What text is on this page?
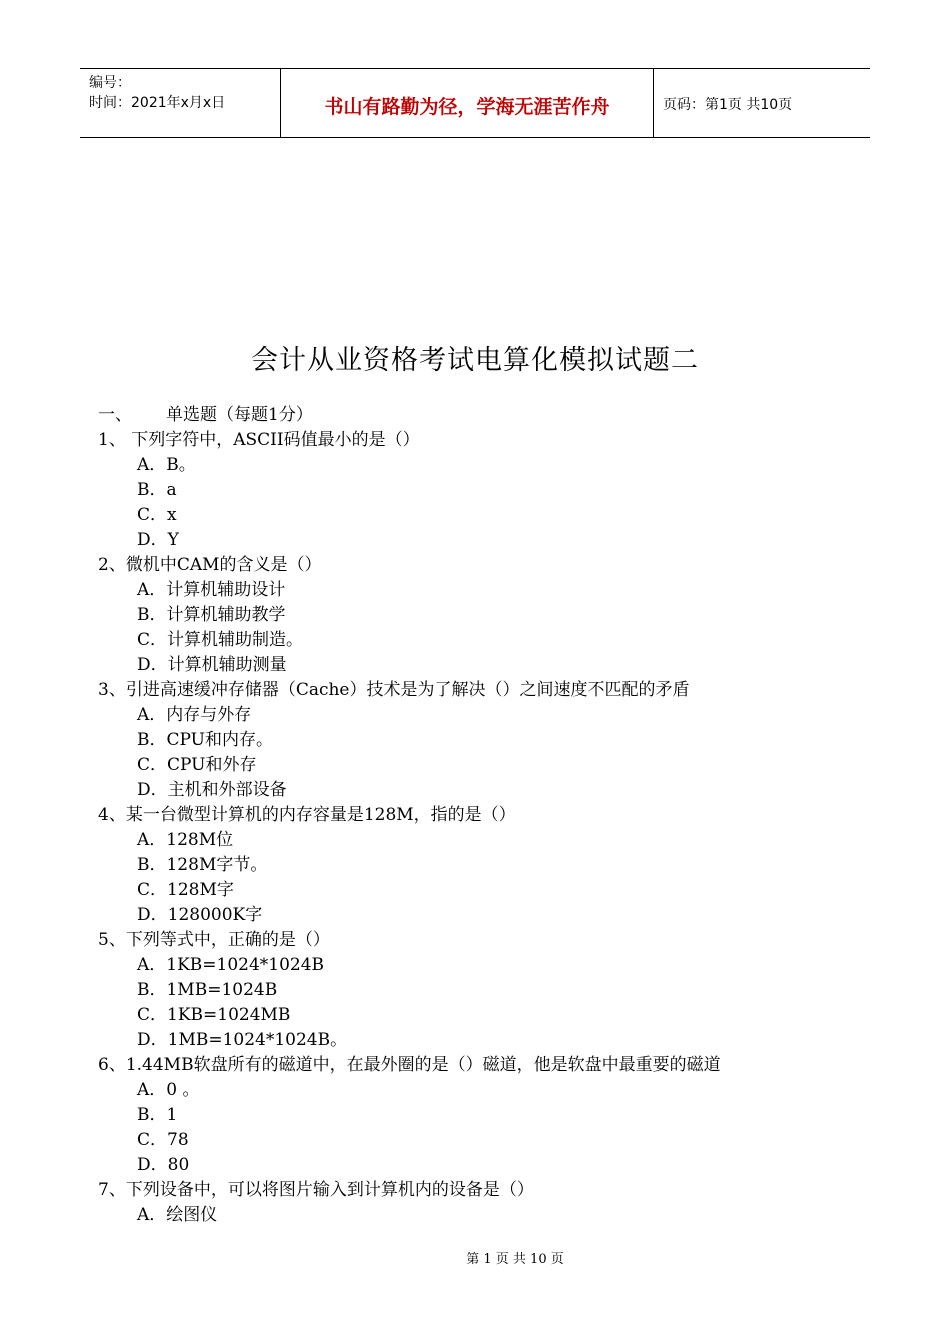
编号：
时间：2021年x月x日	书山有路勤为径，学海无涯苦作舟	页码：第1页 共10页
会计从业资格考试电算化模拟试题二
一、 单选题（每题1分）
1、 下列字符中，ASCII码值最小的是（）
A．B。
B．a
C．x
D．Y
2、微机中CAM的含义是（）
A．计算机辅助设计
B．计算机辅助教学
C．计算机辅助制造。
D．计算机辅助测量
3、引进高速缓冲存储器（Cache）技术是为了解决（）之间速度不匹配的矛盾
A．内存与外存
B．CPU和内存。
C．CPU和外存
D．主机和外部设备
4、某一台微型计算机的内存容量是128M，指的是（）
A．128M位
B．128M字节。
C．128M字
D．128000K字
5、下列等式中，正确的是（）
A．1KB=1024*1024B
B．1MB=1024B
C．1KB=1024MB
D．1MB=1024*1024B。
6、1.44MB软盘所有的磁道中，在最外圈的是（）磁道，他是软盘中最重要的磁道
A．0 。
B．1
C．78
D．80
7、下列设备中，可以将图片输入到计算机内的设备是（）
A．绘图仪
第 1 页 共 10 页
